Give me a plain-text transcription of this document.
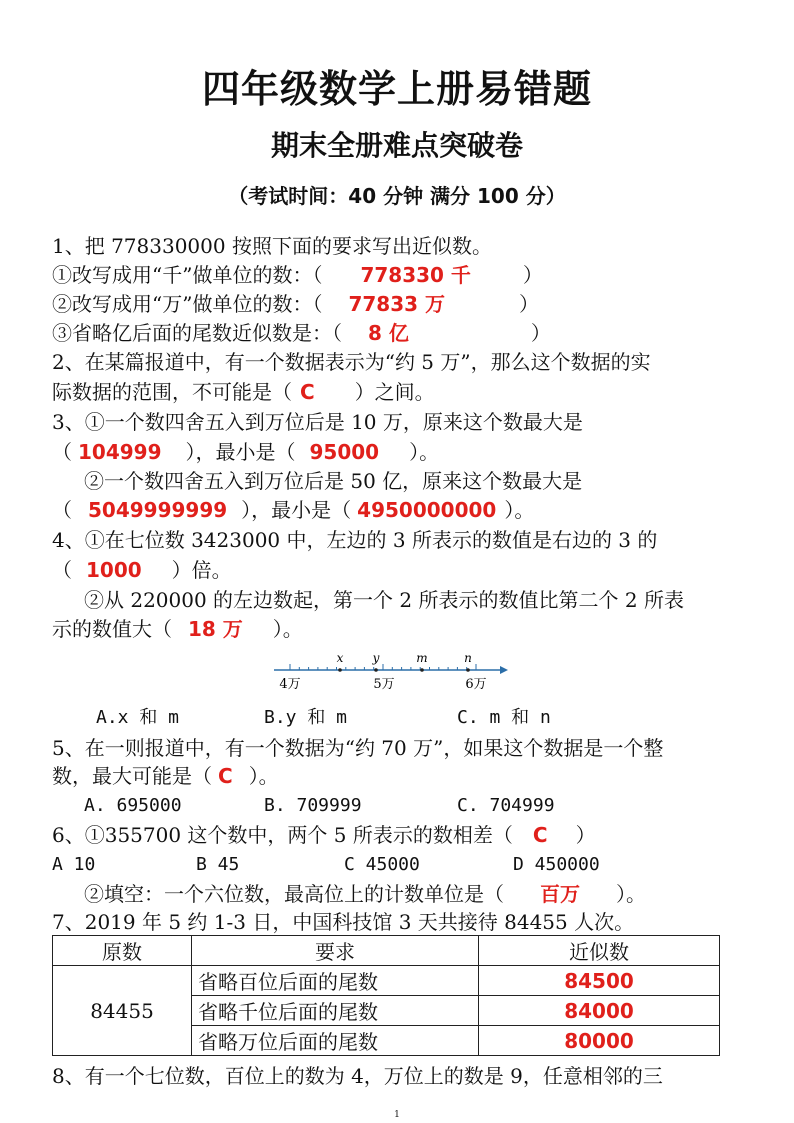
四年级数学上册易错题
期末全册难点突破卷
（考试时间：40 分钟 满分 100 分）
1、把 778330000 按照下面的要求写出近似数。
①改写成用“千”做单位的数：（ 778330 千	）
②改写成用“万”做单位的数：（ 77833 万	）
③省略亿后面的尾数近似数是：（ 8 亿	）
2、在某篇报道中，有一个数据表示为“约 5 万”，那么这个数据的实
际数据的范围，不可能是（ C ）之间。
3、①一个数四舍五入到万位后是 10 万，原来这个数最大是
（ 104999 ），最小是（ 95000 ）。
②一个数四舍五入到万位后是 50 亿，原来这个数最大是
（ 5049999999 ），最小是（ 4950000000 ）。
4、①在七位数 3423000 中，左边的 3 所表示的数值是右边的 3 的
（ 1000 ）倍。
②从 220000 的左边数起，第一个 2 所表示的数值比第二个 2 所表
示的数值大（ 18 万 ）。
4万	5万	6万
x y	m	n
A.x 和 m	B.y 和 m	C. m 和 n
5、在一则报道中，有一个数据为“约 70 万”，如果这个数据是一个整
数，最大可能是（ C ）。
A. 695000	B. 709999	C. 704999
6、①355700 这个数中，两个 5 所表示的数相差（ C ）
A 10	B 45	C 45000	D 450000
②填空：一个六位数，最高位上的计数单位是（ 百万 ）。
7、2019 年 5 约 1-3 日，中国科技馆 3 天共接待 84455 人次。
原数	要求	近似数
84455	省略百位后面的尾数	84500
	省略千位后面的尾数	84000
	省略万位后面的尾数	80000
8、有一个七位数，百位上的数为 4，万位上的数是 9，任意相邻的三
1
